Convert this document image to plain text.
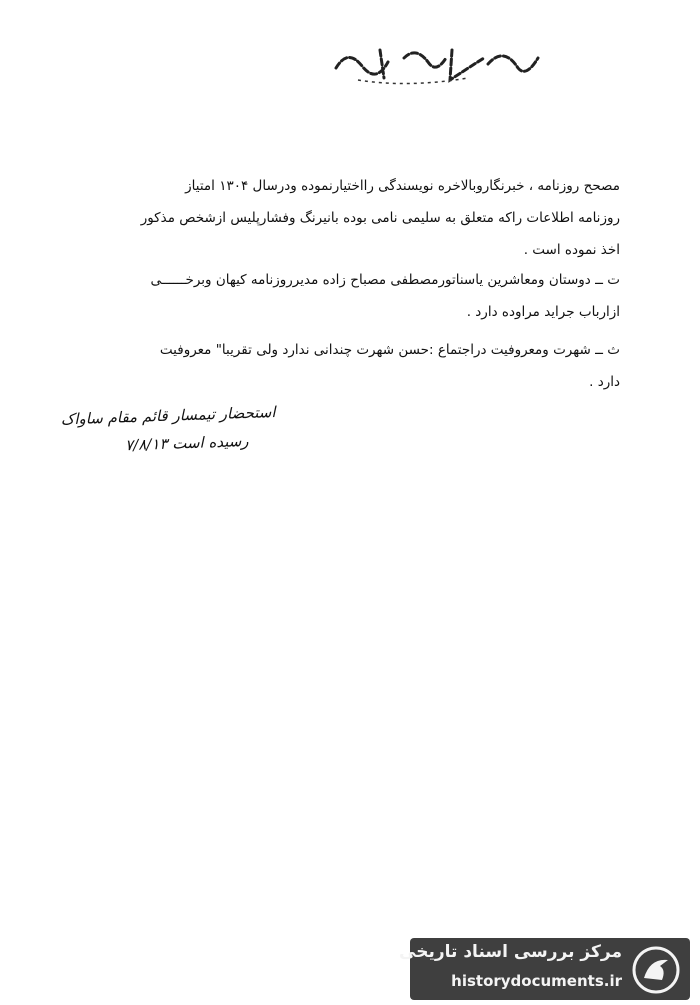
مصحح روزنامه ، خبرنگاروبالاخره نویسندگی رااختیارنموده ودرسال ۱۳۰۴ امتیاز
روزنامه اطلاعات راکه متعلق به سلیمی نامی بوده بانیرنگ وفشارپلیس ازشخص مذکور
اخذ نموده است .
ت ــ دوستان ومعاشرین یاسناتورمصطفی مصباح زاده مدیرروزنامه کیهان وبرخــــــی
ازارباب جراید مراوده دارد .
ث ــ شهرت ومعروفیت دراجتماع :حسن شهرت چندانی ندارد ولی تقریبا" معروفیت
دارد .
استحضار تیمسار قائم مقام ساواک
رسیده است ۷/۸/۱۳
مرکز بررسی اسناد تاریخی
historydocuments.ir
